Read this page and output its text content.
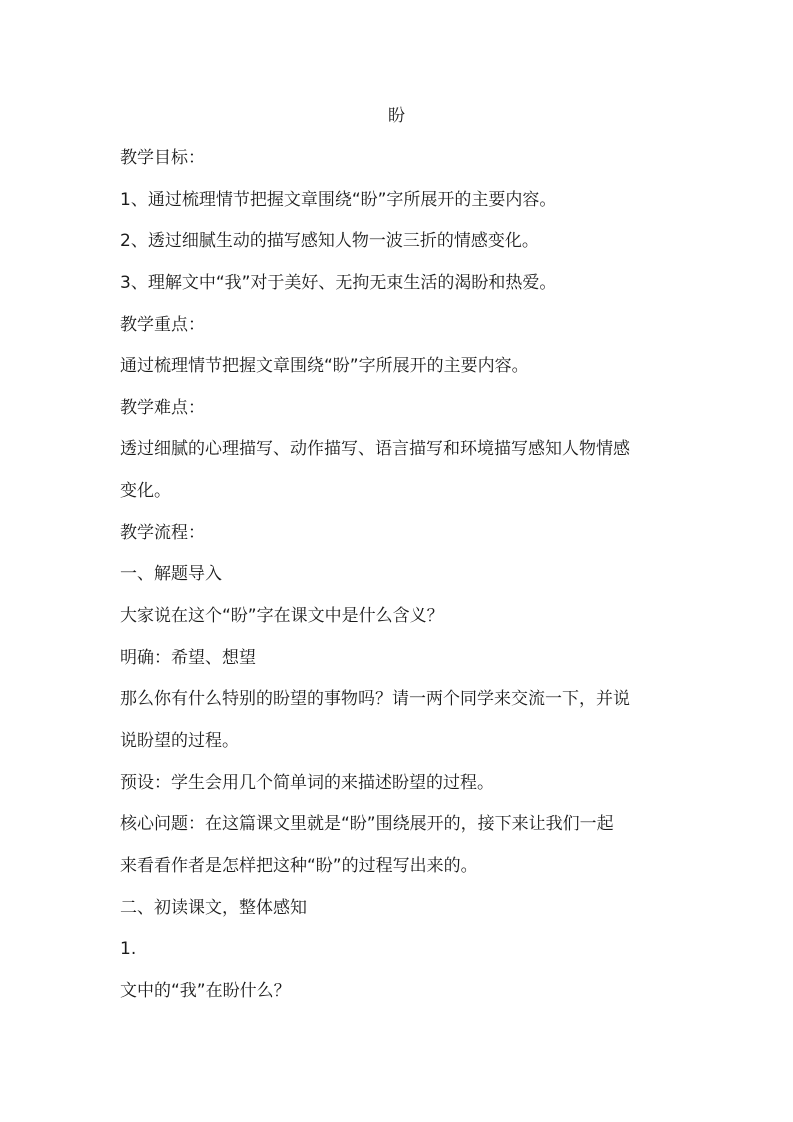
盼
教学目标：
1、通过梳理情节把握文章围绕“盼”字所展开的主要内容。
2、透过细腻生动的描写感知人物一波三折的情感变化。
3、理解文中“我”对于美好、无拘无束生活的渴盼和热爱。
教学重点：
通过梳理情节把握文章围绕“盼”字所展开的主要内容。
教学难点：
透过细腻的心理描写、动作描写、语言描写和环境描写感知人物情感
变化。
教学流程：
一、解题导入
大家说在这个“盼”字在课文中是什么含义？
明确：希望、想望
那么你有什么特别的盼望的事物吗？请一两个同学来交流一下，并说
说盼望的过程。
预设：学生会用几个简单词的来描述盼望的过程。
核心问题：在这篇课文里就是“盼”围绕展开的，接下来让我们一起
来看看作者是怎样把这种“盼”的过程写出来的。
二、初读课文，整体感知
1.
文中的“我”在盼什么？
